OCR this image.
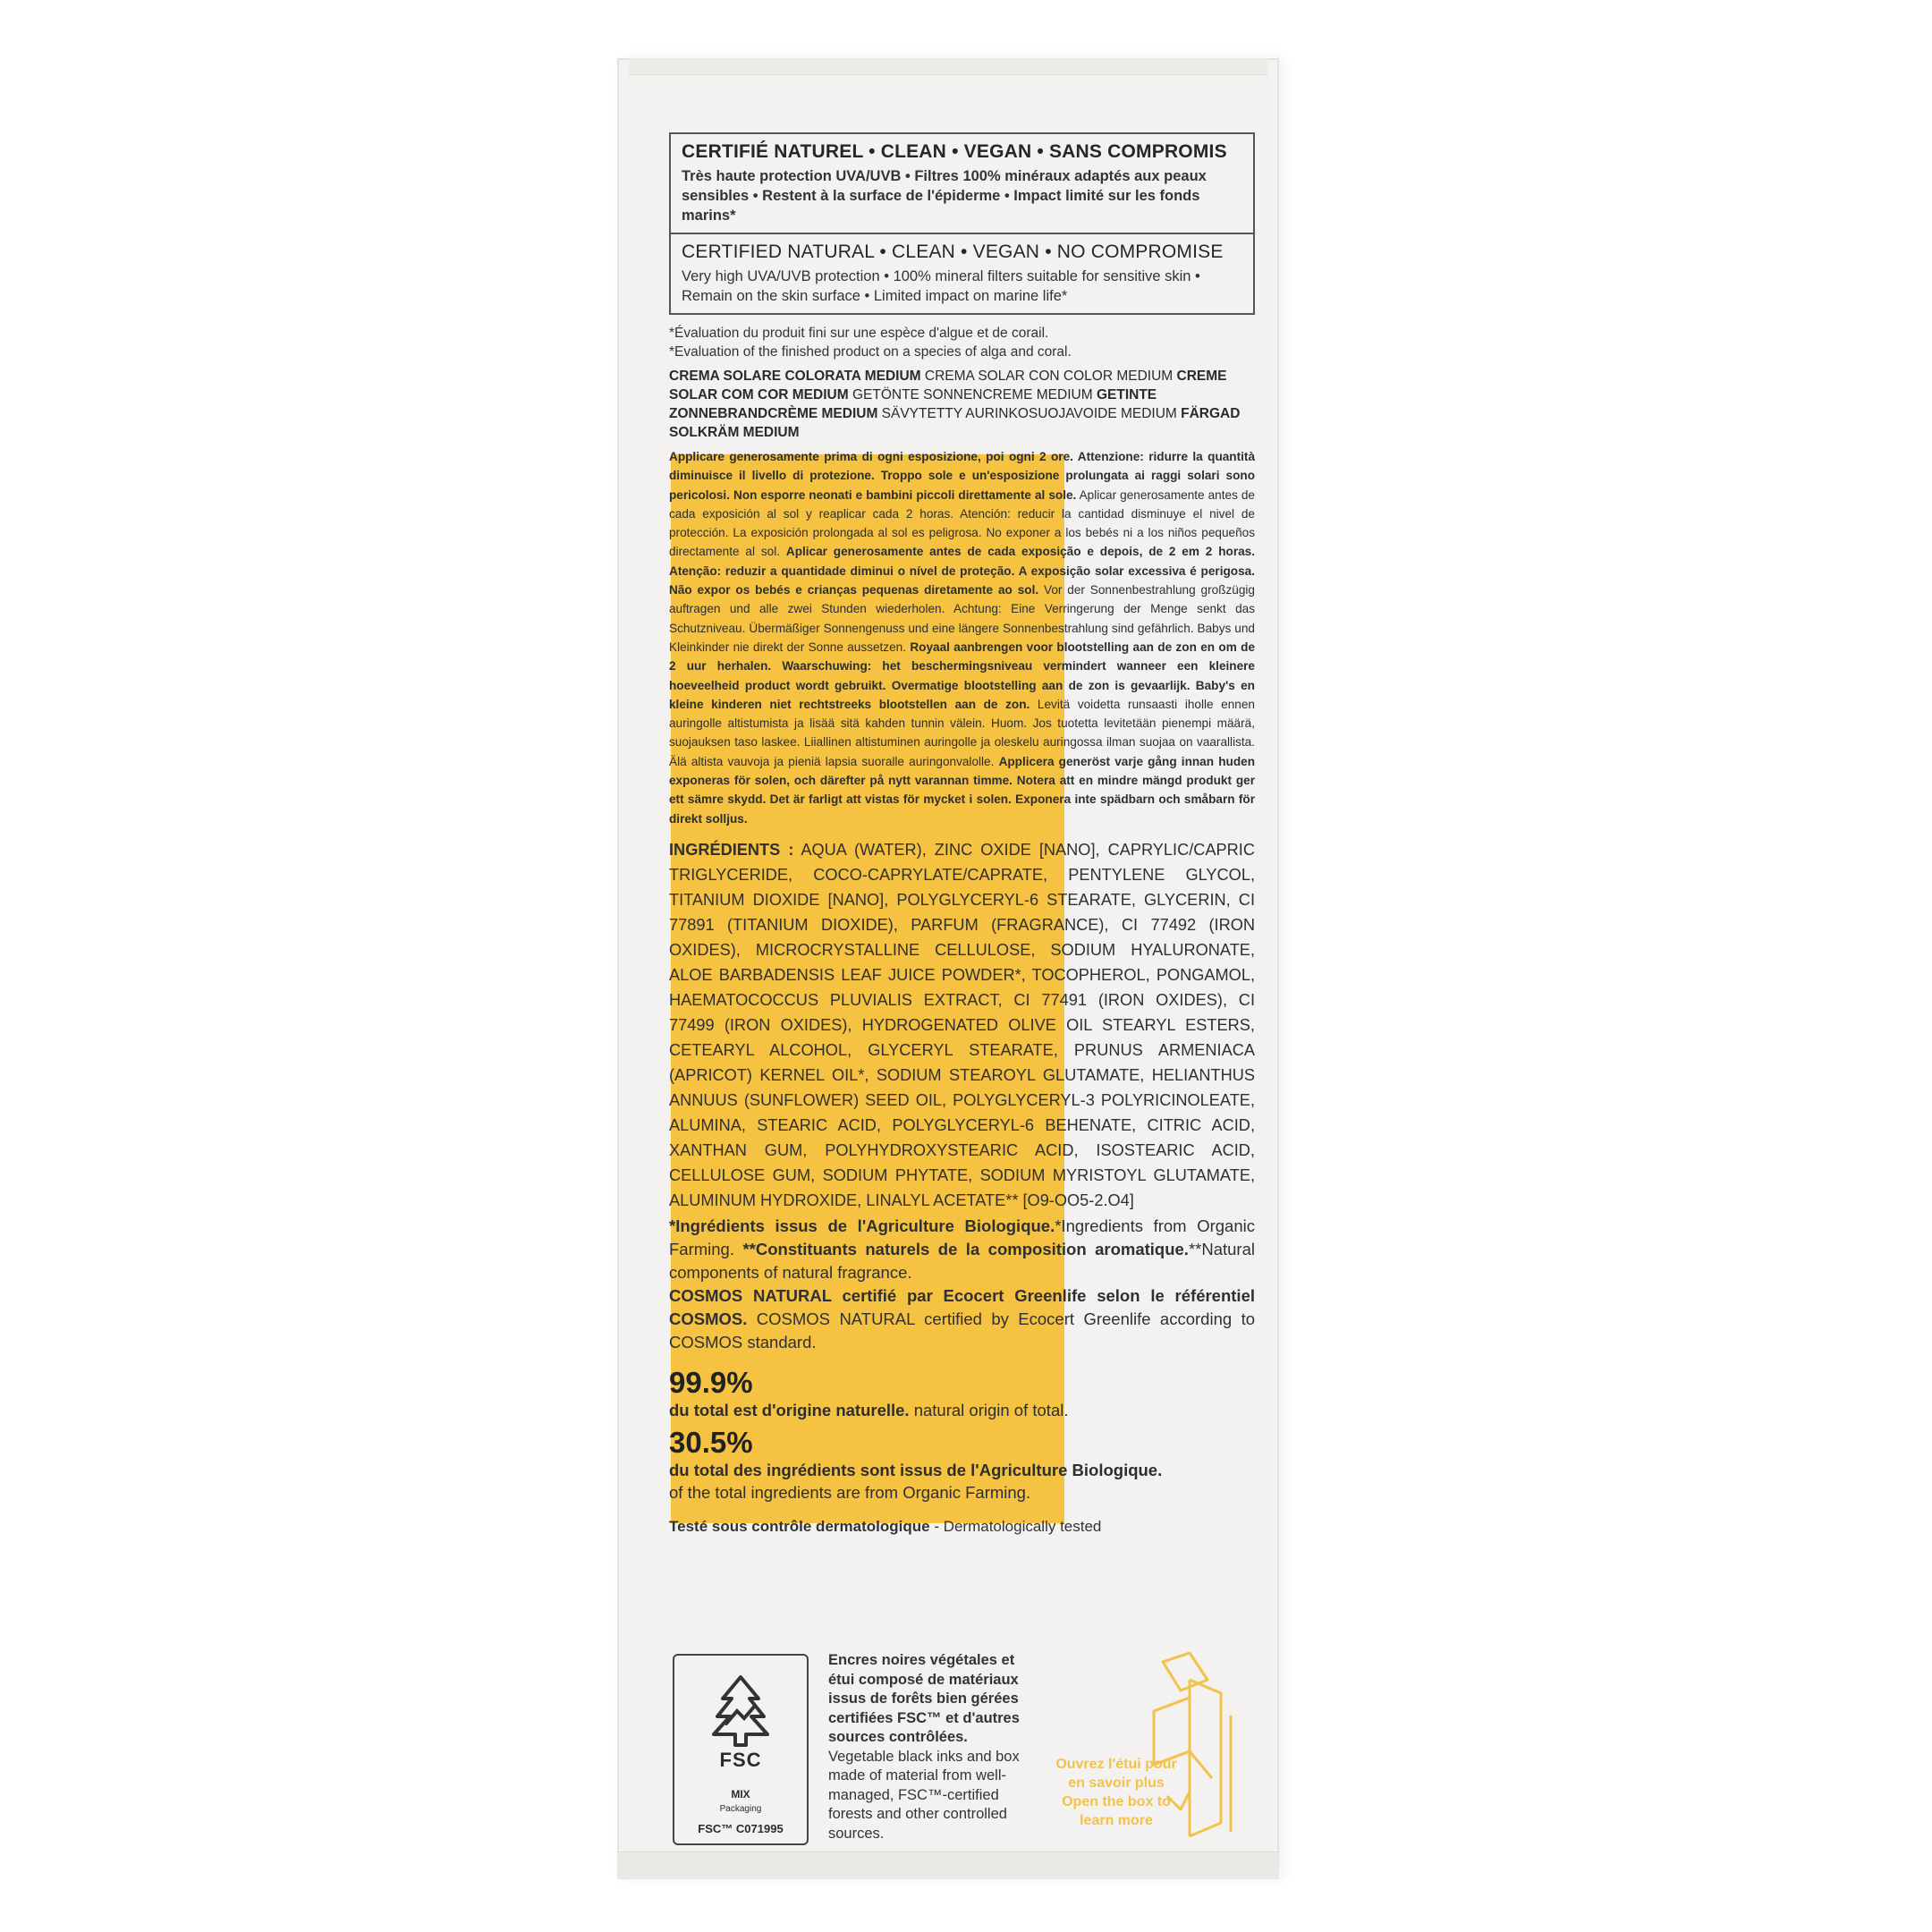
CERTIFIÉ NATUREL • CLEAN • VEGAN • SANS COMPROMIS
Très haute protection UVA/UVB • Filtres 100% minéraux adaptés aux peaux sensibles • Restent à la surface de l'épiderme • Impact limité sur les fonds marins*
CERTIFIED NATURAL • CLEAN • VEGAN • NO COMPROMISE
Very high UVA/UVB protection • 100% mineral filters suitable for sensitive skin • Remain on the skin surface • Limited impact on marine life*
*Évaluation du produit fini sur une espèce d'algue et de corail.
*Evaluation of the finished product on a species of alga and coral.
CREMA SOLARE COLORATA MEDIUM CREMA SOLAR CON COLOR MEDIUM CREME SOLAR COM COR MEDIUM GETÖNTE SONNENCREME MEDIUM GETINTE ZONNEBRANDCRÈME MEDIUM SÄVYTETTY AURINKOSUOJAVOIDE MEDIUM FÄRGAD SOLKRÄM MEDIUM
Applicare generosamente prima di ogni esposizione, poi ogni 2 ore. Attenzione: ridurre la quantità diminuisce il livello di protezione. Troppo sole e un'esposizione prolungata ai raggi solari sono pericolosi. Non esporre neonati e bambini piccoli direttamente al sole. Aplicar generosamente antes de cada exposición al sol y reaplicar cada 2 horas. Atención: reducir la cantidad disminuye el nivel de protección. La exposición prolongada al sol es peligrosa. No exponer a los bebés ni a los niños pequeños directamente al sol. Aplicar generosamente antes de cada exposição e depois, de 2 em 2 horas. Atenção: reduzir a quantidade diminui o nível de proteção. A exposição solar excessiva é perigosa. Não expor os bebés e crianças pequenas diretamente ao sol. Vor der Sonnenbestrahlung großzügig auftragen und alle zwei Stunden wiederholen. Achtung: Eine Verringerung der Menge senkt das Schutzniveau. Übermäßiger Sonnengenuss und eine längere Sonnenbestrahlung sind gefährlich. Babys und Kleinkinder nie direkt der Sonne aussetzen. Royaal aanbrengen voor blootstelling aan de zon en om de 2 uur herhalen. Waarschuwing: het beschermingsniveau vermindert wanneer een kleinere hoeveelheid product wordt gebruikt. Overmatige blootstelling aan de zon is gevaarlijk. Baby's en kleine kinderen niet rechtstreeks blootstellen aan de zon. Levitä voidetta runsaasti iholle ennen auringolle altistumista ja lisää sitä kahden tunnin välein. Huom. Jos tuotetta levitetään pienempi määrä, suojauksen taso laskee. Liiallinen altistuminen auringolle ja oleskelu auringossa ilman suojaa on vaarallista. Älä altista vauvoja ja pieniä lapsia suoralle auringonvalolle. Applicera generöst varje gång innan huden exponeras för solen, och därefter på nytt varannan timme. Notera att en mindre mängd produkt ger ett sämre skydd. Det är farligt att vistas för mycket i solen. Exponera inte spädbarn och småbarn för direkt solljus.
INGRÉDIENTS : AQUA (WATER), ZINC OXIDE [NANO], CAPRYLIC/CAPRIC TRIGLYCERIDE, COCO-CAPRYLATE/CAPRATE, PENTYLENE GLYCOL, TITANIUM DIOXIDE [NANO], POLYGLYCERYL-6 STEARATE, GLYCERIN, CI 77891 (TITANIUM DIOXIDE), PARFUM (FRAGRANCE), CI 77492 (IRON OXIDES), MICROCRYSTALLINE CELLULOSE, SODIUM HYALURONATE, ALOE BARBADENSIS LEAF JUICE POWDER*, TOCOPHEROL, PONGAMOL, HAEMATOCOCCUS PLUVIALIS EXTRACT, CI 77491 (IRON OXIDES), CI 77499 (IRON OXIDES), HYDROGENATED OLIVE OIL STEARYL ESTERS, CETEARYL ALCOHOL, GLYCERYL STEARATE, PRUNUS ARMENIACA (APRICOT) KERNEL OIL*, SODIUM STEAROYL GLUTAMATE, HELIANTHUS ANNUUS (SUNFLOWER) SEED OIL, POLYGLYCERYL-3 POLYRICINOLEATE, ALUMINA, STEARIC ACID, POLYGLYCERYL-6 BEHENATE, CITRIC ACID, XANTHAN GUM, POLYHYDROXYSTEARIC ACID, ISOSTEARIC ACID, CELLULOSE GUM, SODIUM PHYTATE, SODIUM MYRISTOYL GLUTAMATE, ALUMINUM HYDROXIDE, LINALYL ACETATE** [O9-OO5-2.O4]
*Ingrédients issus de l'Agriculture Biologique.*Ingredients from Organic Farming. **Constituants naturels de la composition aromatique.**Natural components of natural fragrance.
COSMOS NATURAL certifié par Ecocert Greenlife selon le référentiel COSMOS. COSMOS NATURAL certified by Ecocert Greenlife according to COSMOS standard.
99.9%
du total est d'origine naturelle. natural origin of total.
30.5%
du total des ingrédients sont issus de l'Agriculture Biologique.
of the total ingredients are from Organic Farming.
Testé sous contrôle dermatologique - Dermatologically tested
FSC
MIX
Packaging
FSC™ C071995
Encres noires végétales et étui composé de matériaux issus de forêts bien gérées certifiées FSC™ et d'autres sources contrôlées.
Vegetable black inks and box made of material from well-managed, FSC™-certified forests and other controlled sources.
Ouvrez l'étui pour en savoir plus
Open the box to learn more
